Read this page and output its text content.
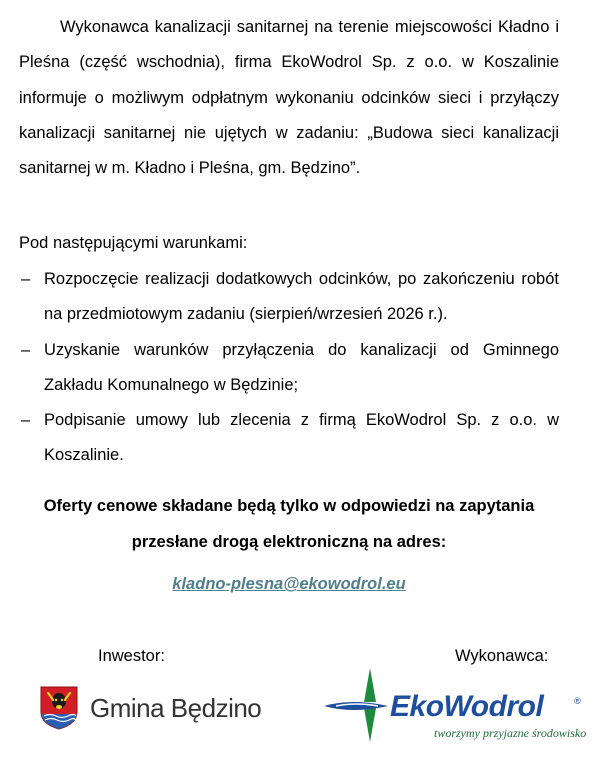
Wykonawca kanalizacji sanitarnej na terenie miejscowości Kładno i Pleśna (część wschodnia), firma EkoWodrol Sp. z o.o. w Koszalinie informuje o możliwym odpłatnym wykonaniu odcinków sieci i przyłączy kanalizacji sanitarnej nie ujętych w zadaniu: „Budowa sieci kanalizacji sanitarnej w m. Kładno i Pleśna, gm. Będzino”.

Pod następującymi warunkami:

– Rozpoczęcie realizacji dodatkowych odcinków, po zakończeniu robót na przedmiotowym zadaniu (sierpień/wrzesień 2026 r.).
– Uzyskanie warunków przyłączenia do kanalizacji od Gminnego Zakładu Komunalnego w Będzinie;
– Podpisanie umowy lub zlecenia z firmą EkoWodrol Sp. z o.o. w Koszalinie.
Oferty cenowe składane będą tylko w odpowiedzi na zapytania
przesłane drogą elektroniczną na adres:
kladno-plesna@ekowodrol.eu
Inwestor:	Wykonawca:
Gmina Będzino	EkoWodrol	®
tworzymy przyjazne środowisko
